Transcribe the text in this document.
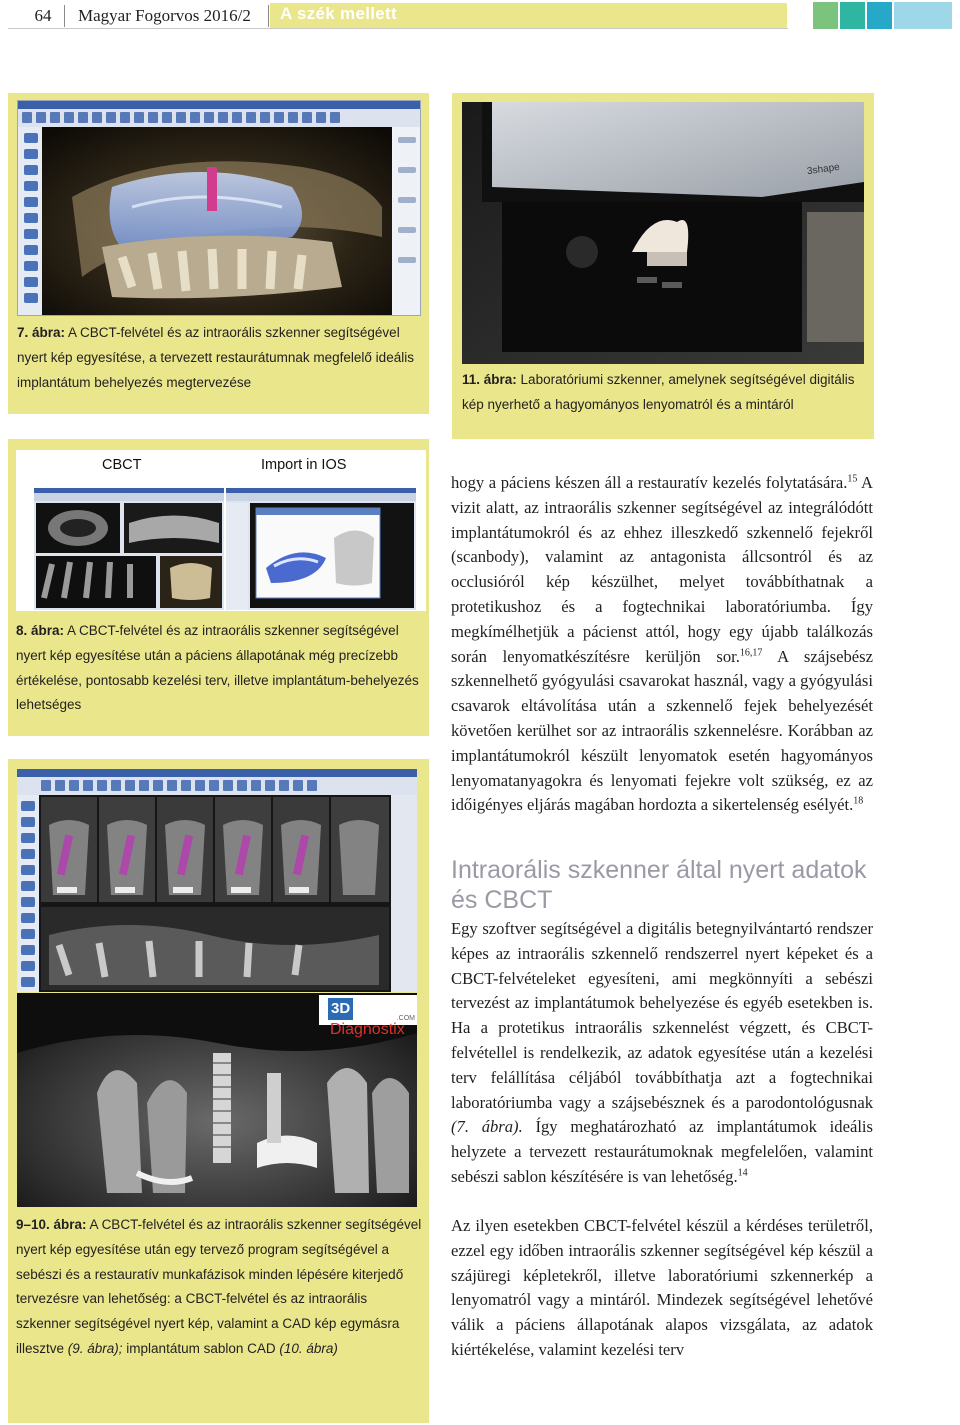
64	Magyar Fogorvos 2016/2 A szék mellett
7. ábra: A CBCT-felvétel és az intraorális szkenner segítségével nyert kép egyesítése, a tervezett restaurátumnak megfelelő ideális implantátum behelyezés megtervezése
3shape
11. ábra: Laboratóriumi szkenner, amelynek segítségével digitális kép nyerhető a hagyományos lenyomatról és a mintáról
CBCT	Import in IOS
8. ábra: A CBCT-felvétel és az intraorális szkenner segítségével nyert kép egyesítése után a páciens állapotának még precízebb értékelése, pontosabb kezelési terv, illetve implantátum-behelyezés lehetséges
3DDiagnostix
.COM
9–10. ábra: A CBCT-felvétel és az intraorális szkenner segítségével nyert kép egyesítése után egy tervező program segítségével a sebészi és a restauratív munkafázisok minden lépésére kiterjedő tervezésre van lehetőség: a CBCT-felvétel és az intraorális szkenner segítségével nyert kép, valamint a CAD kép egymásra illesztve (9. ábra); implantátum sablon CAD (10. ábra)
hogy a páciens készen áll a restauratív kezelés folytatására.$^{15}$ A vizit alatt, az intraorális szkenner segítségével az integrálódótt implantátumokról és az ehhez illeszkedő szkennelő fejekről (scanbody), valamint az antagonista állcsontról és az occlusióról kép készülhet, melyet továbbíthatnak a protetikushoz és a fogtechnikai laboratóriumba. Így megkímélhetjük a pácienst attól, hogy egy újabb találkozás során lenyomatkészítésre kerüljön sor.$^{16,17}$ A szájsebész szkennelhető gyógyulási csavarokat használ, vagy a gyógyulási csavarok eltávolítása után a szkennelő fejek behelyezését követően kerülhet sor az intraorális szkennelésre. Korábban az implantátumokról készült lenyomatok esetén hagyományos lenyomatanyagokra és lenyomati fejekre volt szükség, ez az időigényes eljárás magában hordozta a sikertelenség esélyét.$^{18}$
Intraorális szkenner által nyert adatok és CBCT
Egy szoftver segítségével a digitális betegnyilvántartó rendszer képes az intraorális szkennelő rendszerrel nyert képeket és a CBCT-felvételeket egyesíteni, ami megkönnyíti a sebészi tervezést az implantátumok behelyezése és egyéb esetekben is. Ha a protetikus intraorális szkennelést végzett, és CBCT-felvétellel is rendelkezik, az adatok egyesítése után a kezelési terv felállítása céljából továbbíthatja azt a fogtechnikai laboratóriumba vagy a szájsebésznek és a parodontológusnak (7. ábra). Így meghatározható az implantátumok ideális helyzete a tervezett restaurátumoknak megfelelően, valamint sebészi sablon készítésére is van lehetőség.$^{14}$
Az ilyen esetekben CBCT-felvétel készül a kérdéses területről, ezzel egy időben intraorális szkenner segítségével kép készül a szájüregi képletekről, illetve laboratóriumi szkennerkép a lenyomatról vagy a mintáról. Mindezek segítségével lehetővé válik a páciens állapotának alapos vizsgálata, az adatok kiértékelése, valamint kezelési terv
